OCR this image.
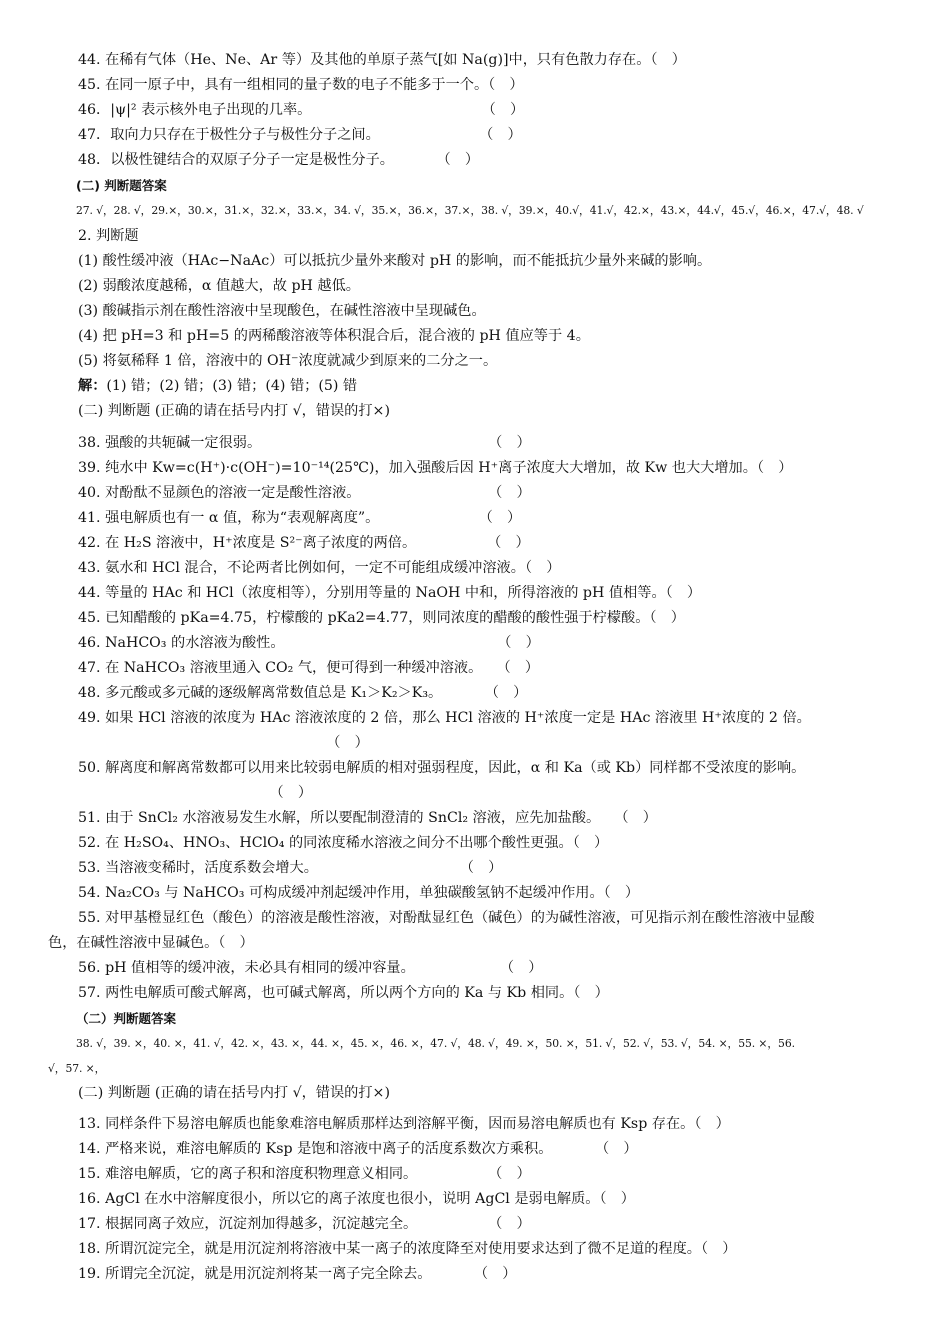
44. 在稀有气体（He、Ne、Ar 等）及其他的单原子蒸气[如 Na(g)]中，只有色散力存在。（　）
45. 在同一原子中，具有一组相同的量子数的电子不能多于一个。（　）
46．|ψ|² 表示核外电子出现的几率。　　　　　　　　　　　　　（　）
47．取向力只存在于极性分子与极性分子之间。　　　　　　　　（　）
48．以极性键结合的双原子分子一定是极性分子。　　　　（　）
(二) 判断题答案
27. √，28. √，29.×，30.×，31.×，32.×，33.×，34. √，35.×，36.×，37.×，38. √，39.×，40.√，41.√，42.×，43.×，44.√，45.√，46.×，47.√，48. √
2. 判断题
(1) 酸性缓冲液（HAc−NaAc）可以抵抗少量外来酸对 pH 的影响，而不能抵抗少量外来碱的影响。
(2) 弱酸浓度越稀，α 值越大，故 pH 越低。
(3) 酸碱指示剂在酸性溶液中呈现酸色，在碱性溶液中呈现碱色。
(4) 把 pH=3 和 pH=5 的两稀酸溶液等体积混合后，混合液的 pH 值应等于 4。
(5) 将氨稀释 1 倍，溶液中的 OH⁻浓度就减少到原来的二分之一。
解：(1) 错；(2) 错；(3) 错；(4) 错；(5) 错
(二) 判断题 (正确的请在括号内打 √，错误的打×)
38. 强酸的共轭碱一定很弱。　　　　　　　　　　　　　　　　　（　）
39. 纯水中 Kw=c(H⁺)·c(OH⁻)=10⁻¹⁴(25℃)，加入强酸后因 H⁺离子浓度大大增加，故 Kw 也大大增加。（　）
40. 对酚酞不显颜色的溶液一定是酸性溶液。　　　　　　　　　　（　）
41. 强电解质也有一 α 值，称为“表观解离度”。　　　　　　　　（　）
42. 在 H₂S 溶液中，H⁺浓度是 S²⁻离子浓度的两倍。　　　　　　（　）
43. 氨水和 HCl 混合，不论两者比例如何，一定不可能组成缓冲溶液。（　）
44. 等量的 HAc 和 HCl（浓度相等），分别用等量的 NaOH 中和，所得溶液的 pH 值相等。（　）
45. 已知醋酸的 pKa=4.75，柠檬酸的 pKa2=4.77，则同浓度的醋酸的酸性强于柠檬酸。（　）
46. NaHCO₃ 的水溶液为酸性。　　　　　　　　　　　　　　　　（　）
47. 在 NaHCO₃ 溶液里通入 CO₂ 气，便可得到一种缓冲溶液。　　（　）
48. 多元酸或多元碱的逐级解离常数值总是 K₁＞K₂＞K₃。　　　　（　）
49. 如果 HCl 溶液的浓度为 HAc 溶液浓度的 2 倍，那么 HCl 溶液的 H⁺浓度一定是 HAc 溶液里 H⁺浓度的 2 倍。
　　　　　　　　　　　　　　　　　　（　）
50. 解离度和解离常数都可以用来比较弱电解质的相对强弱程度，因此，α 和 Ka（或 Kb）同样都不受浓度的影响。
　　　　　　　　　　　　　　（　）
51. 由于 SnCl₂ 水溶液易发生水解，所以要配制澄清的 SnCl₂ 溶液，应先加盐酸。　　（　）
52. 在 H₂SO₄、HNO₃、HClO₄ 的同浓度稀水溶液之间分不出哪个酸性更强。（　）
53. 当溶液变稀时，活度系数会增大。　　　　　　　　　　　（　）
54. Na₂CO₃ 与 NaHCO₃ 可构成缓冲剂起缓冲作用，单独碳酸氢钠不起缓冲作用。（　）
55. 对甲基橙显红色（酸色）的溶液是酸性溶液，对酚酞显红色（碱色）的为碱性溶液，可见指示剂在酸性溶液中显酸
色，在碱性溶液中显碱色。（　）
56. pH 值相等的缓冲液，未必具有相同的缓冲容量。　　　　　　　（　）
57. 两性电解质可酸式解离，也可碱式解离，所以两个方向的 Ka 与 Kb 相同。（　）
（二）判断题答案
38. √，39. ×，40. ×，41. √，42. ×，43. ×，44. ×，45. ×，46. ×，47. √，48. √，49. ×，50. ×，51. √，52. √，53. √，54. ×，55. ×，56.
√，57. ×，
(二) 判断题 (正确的请在括号内打 √，错误的打×)
13. 同样条件下易溶电解质也能象难溶电解质那样达到溶解平衡，因而易溶电解质也有 Ksp 存在。（　）
14. 严格来说，难溶电解质的 Ksp 是饱和溶液中离子的活度系数次方乘积。　　　　（　）
15. 难溶电解质，它的离子积和溶度积物理意义相同。　　　　　　（　）
16. AgCl 在水中溶解度很小，所以它的离子浓度也很小，说明 AgCl 是弱电解质。（　）
17. 根据同离子效应，沉淀剂加得越多，沉淀越完全。　　　　　　（　）
18. 所谓沉淀完全，就是用沉淀剂将溶液中某一离子的浓度降至对使用要求达到了微不足道的程度。（　）
19. 所谓完全沉淀，就是用沉淀剂将某一离子完全除去。　　　　（　）
